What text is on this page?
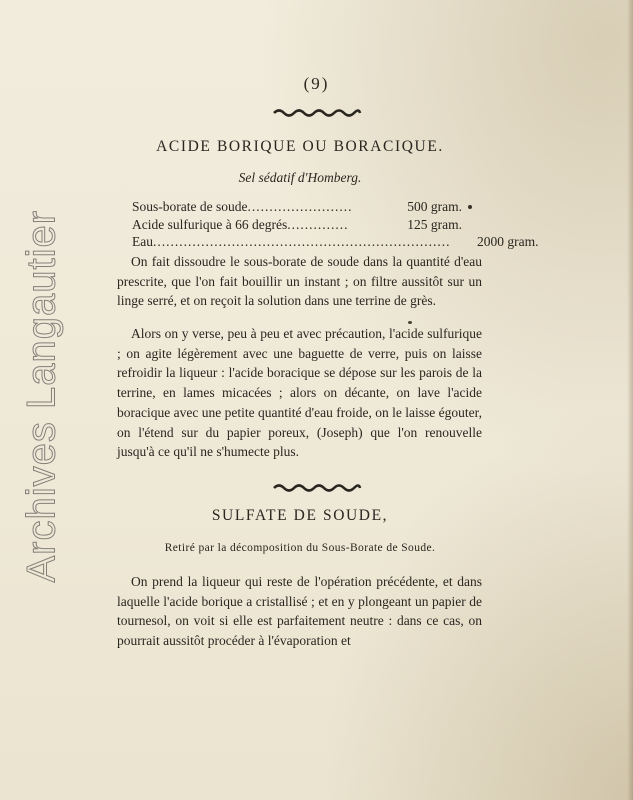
Archives Langautier
(9)
ACIDE BORIQUE OU BORACIQUE.
Sel sédatif d'Homberg.
Sous-borate de soude ........................	500 gram.
Acide sulfurique à 66 degrés ..............	125 gram.
Eau ....................................................................	2000 gram.

On fait dissoudre le sous-borate de soude dans la quantité d'eau prescrite, que l'on fait bouillir un instant ; on filtre aussitôt sur un linge serré, et on reçoit la solution dans une terrine de grès.

Alors on y verse, peu à peu et avec précaution, l'acide sulfurique ; on agite légèrement avec une baguette de verre, puis on laisse refroidir la liqueur : l'acide boracique se dépose sur les parois de la terrine, en lames micacées ; alors on décante, on lave l'acide boracique avec une petite quantité d'eau froide, on le laisse égouter, on l'étend sur du papier poreux, (Joseph) que l'on renouvelle jusqu'à ce qu'il ne s'humecte plus.

SULFATE DE SOUDE,
Retiré par la décomposition du Sous-Borate de Soude.

On prend la liqueur qui reste de l'opération précédente, et dans laquelle l'acide borique a cristallisé ; et en y plongeant un papier de tournesol, on voit si elle est parfaitement neutre : dans ce cas, on pourrait aussitôt procéder à l'évaporation et
